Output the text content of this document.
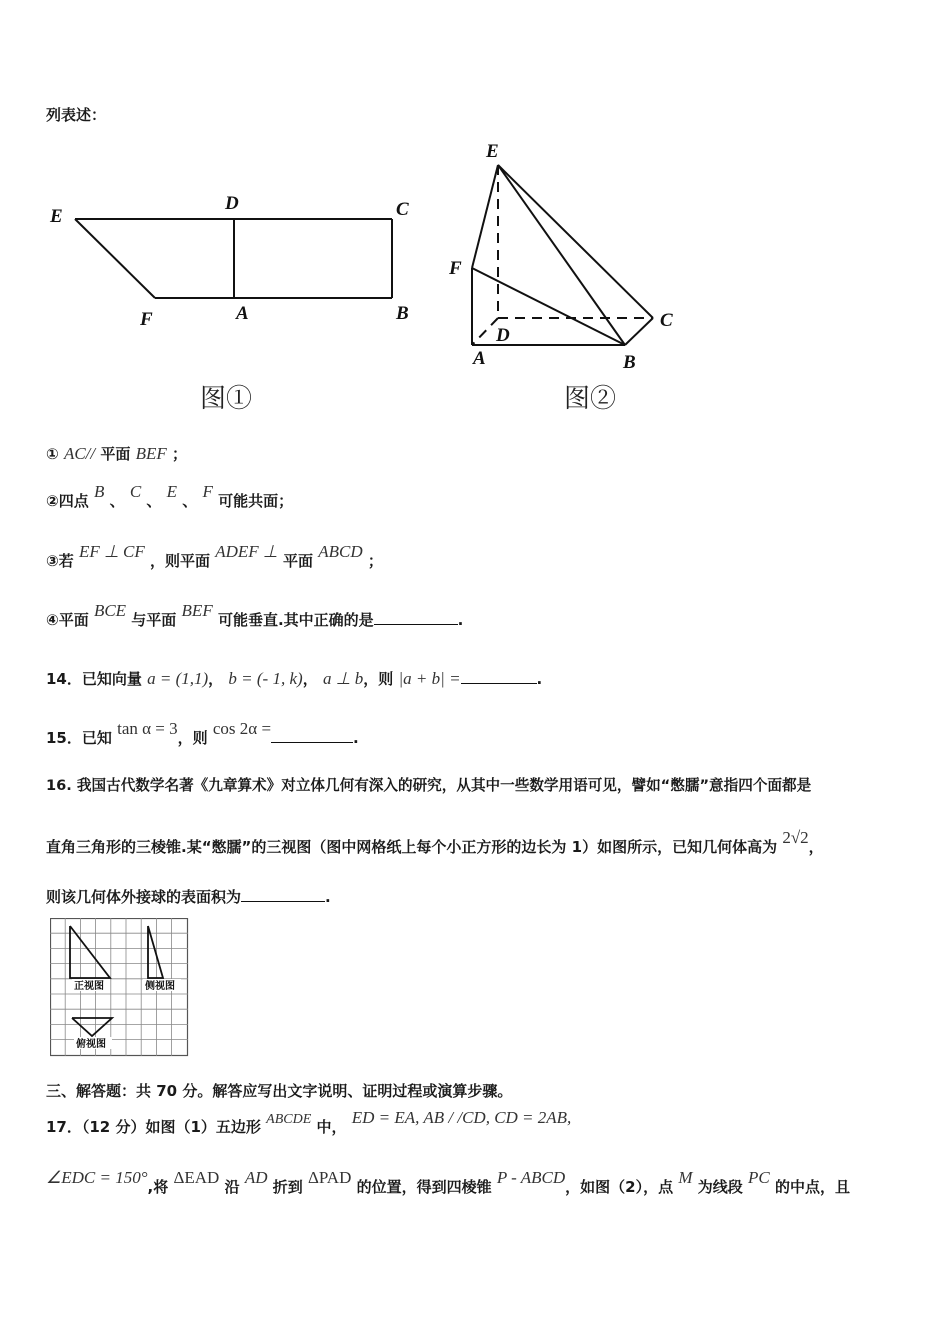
列表述：
E
D	C
F	A	B
图①
E
F
D
C
A	B
图②
① AC// 平面 BEF ；
②四点 B 、 C 、 E 、 F 可能共面；
③若 EF ⊥ CF ，则平面 ADEF ⊥ 平面 ABCD ；
④平面 BCE 与平面 BEF 可能垂直.其中正确的是	.
14．已知向量 a = (1,1)， b = (- 1, k)， a ⊥ b，则 |a + b| =	.
15．已知 tan α = 3，则 cos 2α =	.
16. 我国古代数学名著《九章算术》对立体几何有深入的研究，从其中一些数学用语可见，譬如“憋臑”意指四个面都是
直角三角形的三棱锥.某“憋臑”的三视图（图中网格纸上每个小正方形的边长为 1）如图所示，已知几何体高为 2√2，
则该几何体外接球的表面积为	.
正视图	侧视图
俯视图
三、解答题：共 70 分。解答应写出文字说明、证明过程或演算步骤。
17．（12 分）如图（1）五边形 ABCDE 中， ED = EA, AB / /CD, CD = 2AB,
∠EDC = 150°,将 ΔEAD 沿 AD 折到 ΔPAD 的位置，得到四棱锥 P - ABCD，如图（2），点 M 为线段 PC 的中点，且
